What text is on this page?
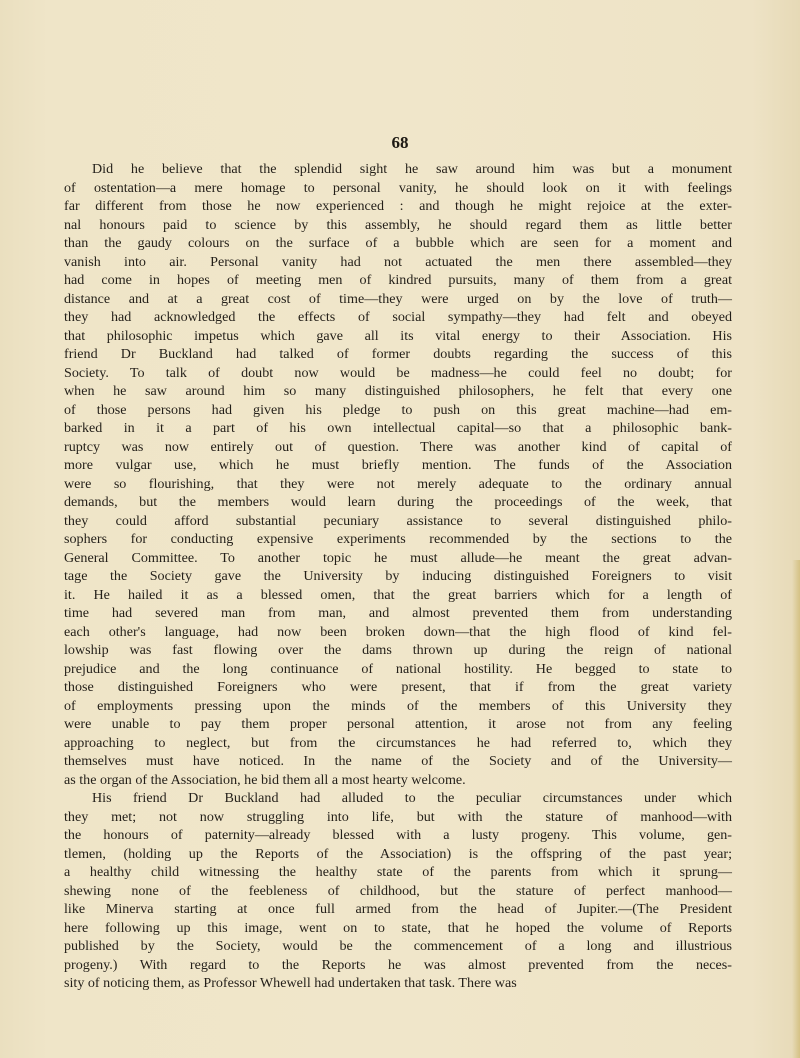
68

Did he believe that the splendid sight he saw around him was but a monument
of ostentation—a mere homage to personal vanity, he should look on it with feelings
far different from those he now experienced : and though he might rejoice at the exter-
nal honours paid to science by this assembly, he should regard them as little better
than the gaudy colours on the surface of a bubble which are seen for a moment and
vanish into air. Personal vanity had not actuated the men there assembled—they
had come in hopes of meeting men of kindred pursuits, many of them from a great
distance and at a great cost of time—they were urged on by the love of truth—
they had acknowledged the effects of social sympathy—they had felt and obeyed
that philosophic impetus which gave all its vital energy to their Association. His
friend Dr Buckland had talked of former doubts regarding the success of this
Society. To talk of doubt now would be madness—he could feel no doubt; for
when he saw around him so many distinguished philosophers, he felt that every one
of those persons had given his pledge to push on this great machine—had em-
barked in it a part of his own intellectual capital—so that a philosophic bank-
ruptcy was now entirely out of question. There was another kind of capital of
more vulgar use, which he must briefly mention. The funds of the Association
were so flourishing, that they were not merely adequate to the ordinary annual
demands, but the members would learn during the proceedings of the week, that
they could afford substantial pecuniary assistance to several distinguished philo-
sophers for conducting expensive experiments recommended by the sections to the
General Committee. To another topic he must allude—he meant the great advan-
tage the Society gave the University by inducing distinguished Foreigners to visit
it. He hailed it as a blessed omen, that the great barriers which for a length of
time had severed man from man, and almost prevented them from understanding
each other's language, had now been broken down—that the high flood of kind fel-
lowship was fast flowing over the dams thrown up during the reign of national
prejudice and the long continuance of national hostility. He begged to state to
those distinguished Foreigners who were present, that if from the great variety
of employments pressing upon the minds of the members of this University they
were unable to pay them proper personal attention, it arose not from any feeling
approaching to neglect, but from the circumstances he had referred to, which they
themselves must have noticed. In the name of the Society and of the University—
as the organ of the Association, he bid them all a most hearty welcome.

His friend Dr Buckland had alluded to the peculiar circumstances under which
they met; not now struggling into life, but with the stature of manhood—with
the honours of paternity—already blessed with a lusty progeny. This volume, gen-
tlemen, (holding up the Reports of the Association) is the offspring of the past year;
a healthy child witnessing the healthy state of the parents from which it sprung—
shewing none of the feebleness of childhood, but the stature of perfect manhood—
like Minerva starting at once full armed from the head of Jupiter.—(The President
here following up this image, went on to state, that he hoped the volume of Reports
published by the Society, would be the commencement of a long and illustrious
progeny.) With regard to the Reports he was almost prevented from the neces-
sity of noticing them, as Professor Whewell had undertaken that task. There was
